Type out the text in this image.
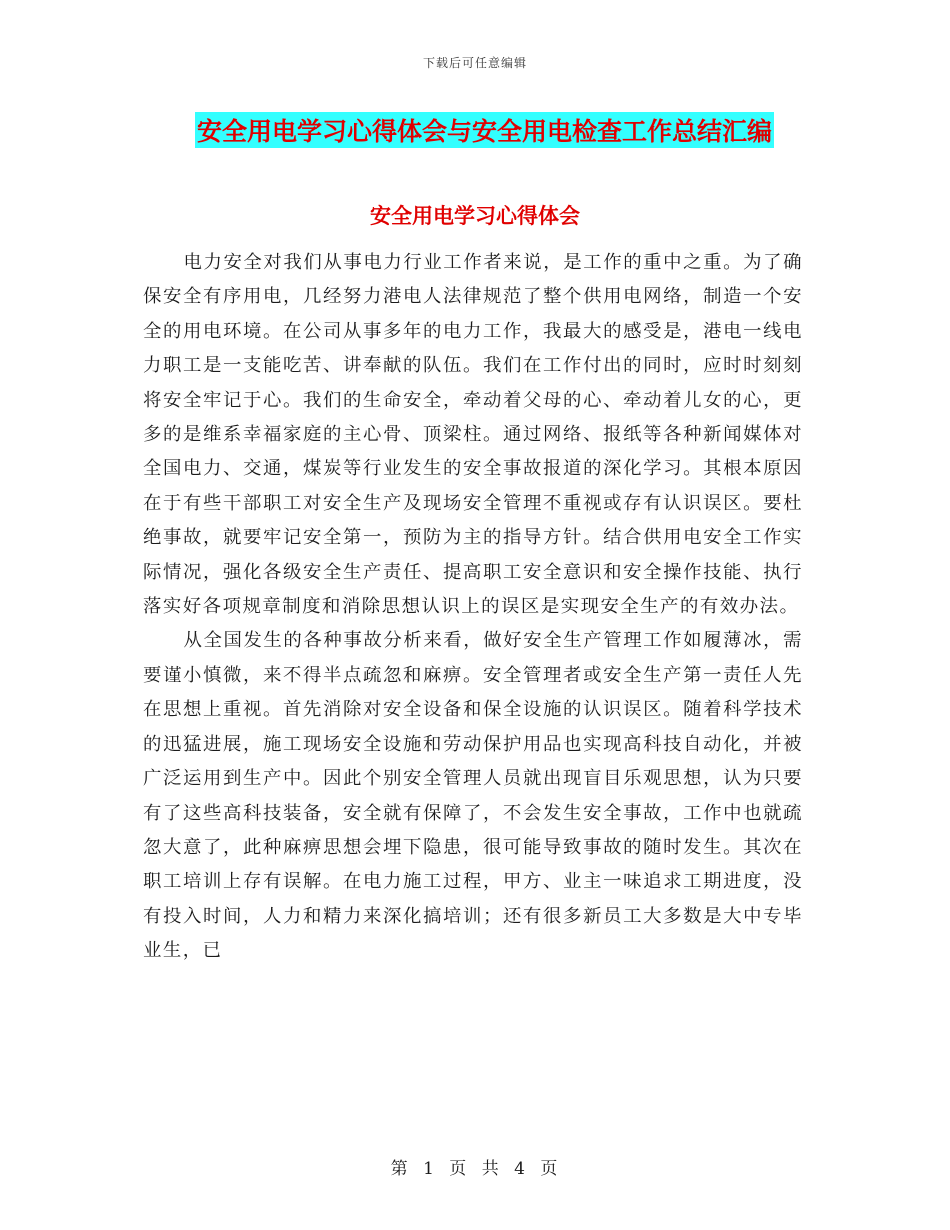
下载后可任意编辑
安全用电学习心得体会与安全用电检查工作总结汇编
安全用电学习心得体会

电力安全对我们从事电力行业工作者来说，是工作的重中之重。为了确保安全有序用电，几经努力港电人法律规范了整个供用电网络，制造一个安全的用电环境。在公司从事多年的电力工作，我最大的感受是，港电一线电力职工是一支能吃苦、讲奉献的队伍。我们在工作付出的同时，应时时刻刻将安全牢记于心。我们的生命安全，牵动着父母的心、牵动着儿女的心，更多的是维系幸福家庭的主心骨、顶梁柱。通过网络、报纸等各种新闻媒体对全国电力、交通，煤炭等行业发生的安全事故报道的深化学习。其根本原因在于有些干部职工对安全生产及现场安全管理不重视或存有认识误区。要杜绝事故，就要牢记安全第一，预防为主的指导方针。结合供用电安全工作实际情况，强化各级安全生产责任、提高职工安全意识和安全操作技能、执行落实好各项规章制度和消除思想认识上的误区是实现安全生产的有效办法。

从全国发生的各种事故分析来看，做好安全生产管理工作如履薄冰，需要谨小慎微，来不得半点疏忽和麻痹。安全管理者或安全生产第一责任人先在思想上重视。首先消除对安全设备和保全设施的认识误区。随着科学技术的迅猛进展，施工现场安全设施和劳动保护用品也实现高科技自动化，并被广泛运用到生产中。因此个别安全管理人员就出现盲目乐观思想，认为只要有了这些高科技装备，安全就有保障了，不会发生安全事故，工作中也就疏忽大意了，此种麻痹思想会埋下隐患，很可能导致事故的随时发生。其次在职工培训上存有误解。在电力施工过程，甲方、业主一味追求工期进度，没有投入时间，人力和精力来深化搞培训；还有很多新员工大多数是大中专毕业生，已

第 1 页 共 4 页
